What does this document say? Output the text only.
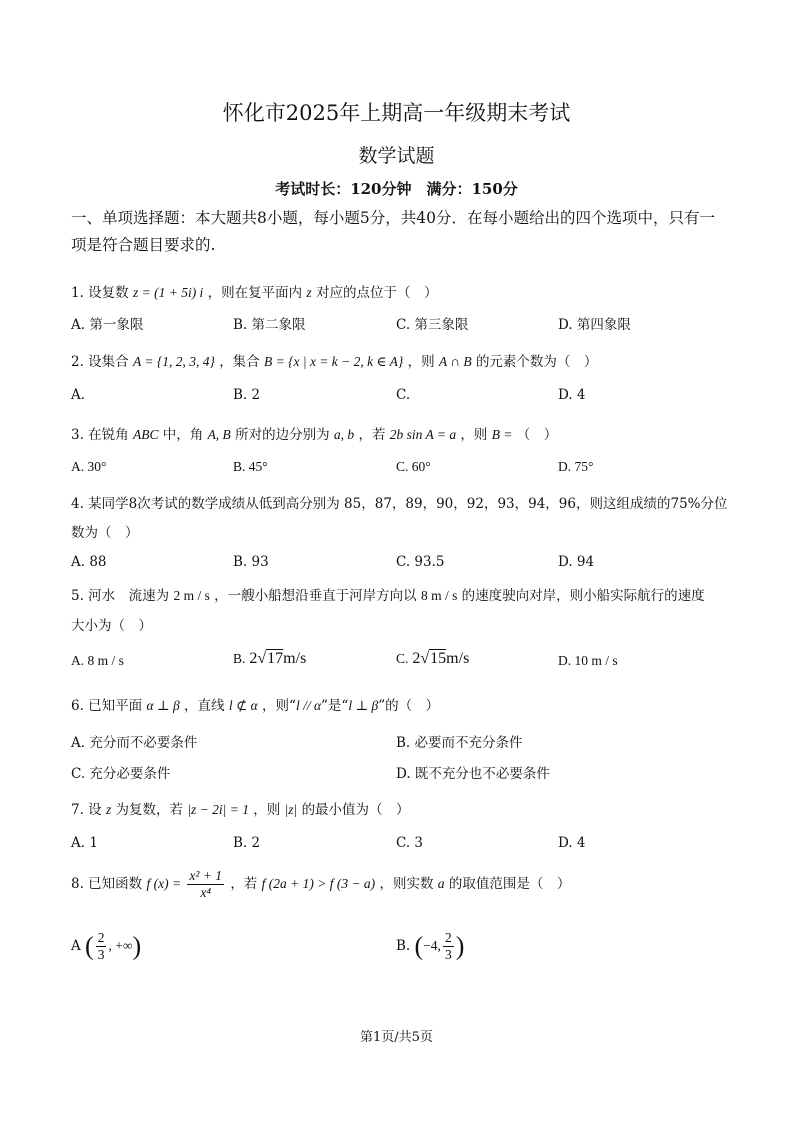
怀化市2025年上期高一年级期末考试
数学试题
考试时长：120分钟　满分：150分
一、单项选择题：本大题共8小题，每小题5分，共40分．在每小题给出的四个选项中，只有一项是符合题目要求的.
1. 设复数 z = (1 + 5i) i ，则在复平面内 z 对应的点位于（　）
A. 第一象限	B. 第二象限	C. 第三象限	D. 第四象限
2. 设集合 A = {1, 2, 3, 4} ，集合 B = {x | x = k − 2, k ∈ A} ，则 A ∩ B 的元素个数为（　）
A.	B. 2	C.	D. 4
3. 在锐角 ABC 中，角 A, B 所对的边分别为 a, b ，若 2b sin A = a ，则 B = （　）
A. 30°	B. 45°	C. 60°	D. 75°
4. 某同学8次考试的数学成绩从低到高分别为 85，87，89，90，92，93，94，96，则这组成绩的75%分位
数为（　）
A. 88	B. 93	C. 93.5	D. 94
5. 河水　流速为 2 m / s ，一艘小船想沿垂直于河岸方向以 8 m / s 的速度驶向对岸，则小船实际航行的速度
大小为（　）
A. 8 m / s	B. 2√17m/s	C. 2√15m/s	D. 10 m / s
6. 已知平面 α ⊥ β ，直线 l ⊄ α ，则“l // α”是“l ⊥ β”的（　）
A. 充分而不必要条件	B. 必要而不充分条件
C. 充分必要条件	D. 既不充分也不必要条件
7. 设 z 为复数，若 |z − 2i| = 1 ，则 |z| 的最小值为（　）
A. 1	B. 2	C. 3	D. 4
8. 已知函数 f $(x) = \frac{\text{x² + 1}}{\text{x⁴}}$ ，若 f (2a + 1) > f (3 − a) ，则实数 a 的取值范围是（　）
A ( $\frac{2}{3}$ , +∞)	B. (−4, $\frac{2}{3}$ )
第1页/共5页
